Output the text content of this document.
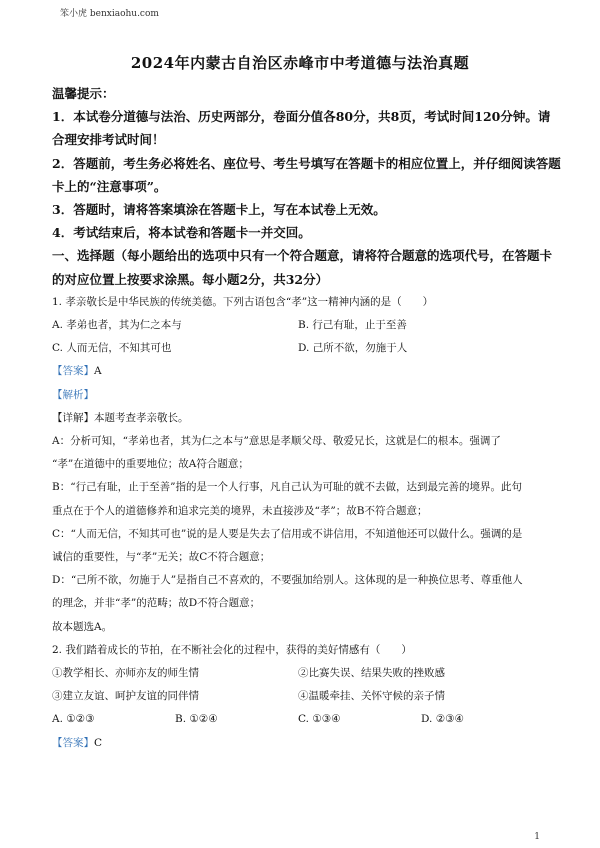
笨小虎 benxiaohu.com
2024年内蒙古自治区赤峰市中考道德与法治真题
温馨提示：
1．本试卷分道德与法治、历史两部分，卷面分值各80分，共8页，考试时间120分钟。请
合理安排考试时间！
2．答题前，考生务必将姓名、座位号、考生号填写在答题卡的相应位置上，并仔细阅读答题
卡上的“注意事项”。
3．答题时，请将答案填涂在答题卡上，写在本试卷上无效。
4．考试结束后，将本试卷和答题卡一并交回。
一、选择题（每小题给出的选项中只有一个符合题意，请将符合题意的选项代号，在答题卡
的对应位置上按要求涂黑。每小题2分，共32分）
1. 孝亲敬长是中华民族的传统美德。下列古语包含“孝”这一精神内涵的是（　　）
A. 孝弟也者，其为仁之本与	B. 行己有耻，止于至善
C. 人而无信，不知其可也	D. 己所不欲，勿施于人
【答案】A
【解析】
【详解】本题考查孝亲敬长。
A：分析可知，“孝弟也者，其为仁之本与”意思是孝顺父母、敬爱兄长，这就是仁的根本。强调了
“孝”在道德中的重要地位；故A符合题意；
B：“行己有耻，止于至善”指的是一个人行事，凡自己认为可耻的就不去做，达到最完善的境界。此句
重点在于个人的道德修养和追求完美的境界，未直接涉及“孝”；故B不符合题意；
C：“人而无信，不知其可也”说的是人要是失去了信用或不讲信用，不知道他还可以做什么。强调的是
诚信的重要性，与“孝”无关；故C不符合题意；
D：“己所不欲，勿施于人”是指自己不喜欢的，不要强加给别人。这体现的是一种换位思考、尊重他人
的理念，并非“孝”的范畴；故D不符合题意；
故本题选A。
2. 我们踏着成长的节拍，在不断社会化的过程中，获得的美好情感有（　　）
①教学相长、亦师亦友的师生情	②比赛失误、结果失败的挫败感
③建立友谊、呵护友谊的同伴情	④温暖牵挂、关怀守候的亲子情
A. ①②③	B. ①②④	C. ①③④	D. ②③④
【答案】C
1
